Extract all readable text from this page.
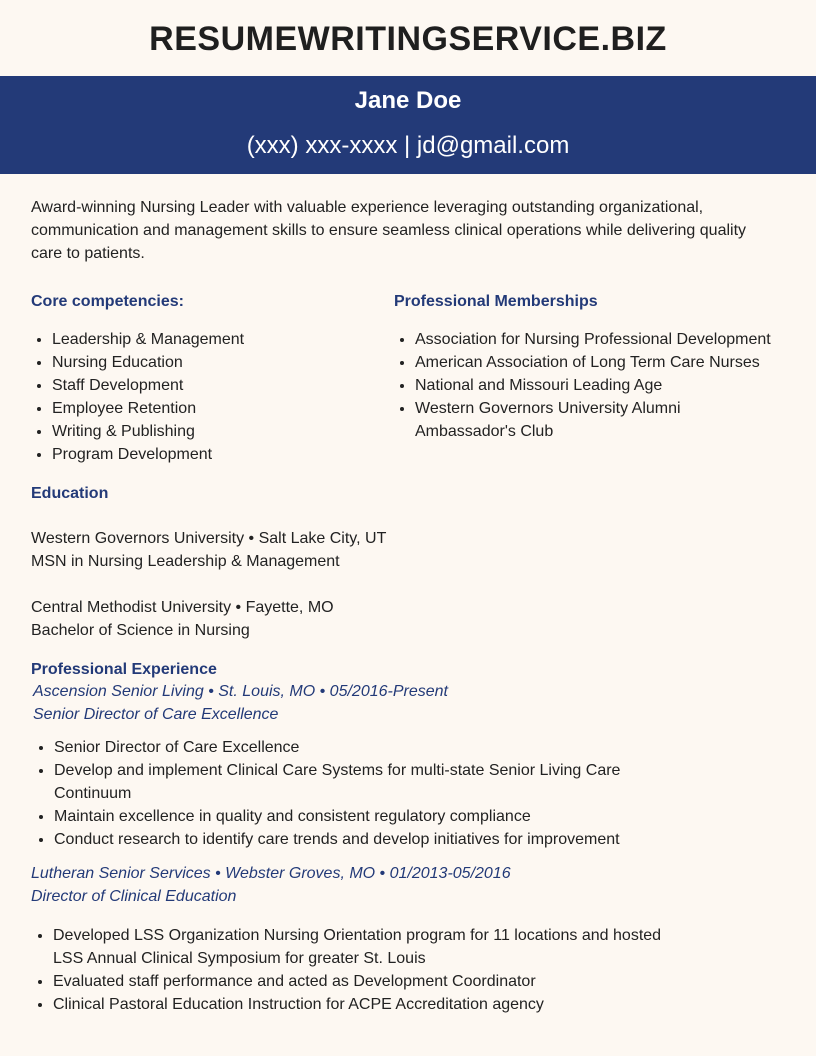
RESUMEWRITINGSERVICE.BIZ
Jane Doe
(xxx) xxx-xxxx | jd@gmail.com
Award-winning Nursing Leader with valuable experience leveraging outstanding organizational, communication and management skills to ensure seamless clinical operations while delivering quality care to patients.
Core competencies:
• Leadership & Management
• Nursing Education
• Staff Development
• Employee Retention
• Writing & Publishing
• Program Development
Professional Memberships
• Association for Nursing Professional Development
• American Association of Long Term Care Nurses
• National and Missouri Leading Age
• Western Governors University Alumni Ambassador's Club
Education
Western Governors University • Salt Lake City, UT
MSN in Nursing Leadership & Management
Central Methodist University • Fayette, MO
Bachelor of Science in Nursing
Professional Experience
Ascension Senior Living • St. Louis, MO • 05/2016-Present
Senior Director of Care Excellence
• Senior Director of Care Excellence
• Develop and implement Clinical Care Systems for multi-state Senior Living Care Continuum
• Maintain excellence in quality and consistent regulatory compliance
• Conduct research to identify care trends and develop initiatives for improvement
Lutheran Senior Services • Webster Groves, MO • 01/2013-05/2016
Director of Clinical Education
• Developed LSS Organization Nursing Orientation program for 11 locations and hosted LSS Annual Clinical Symposium for greater St. Louis
• Evaluated staff performance and acted as Development Coordinator
• Clinical Pastoral Education Instruction for ACPE Accreditation agency
